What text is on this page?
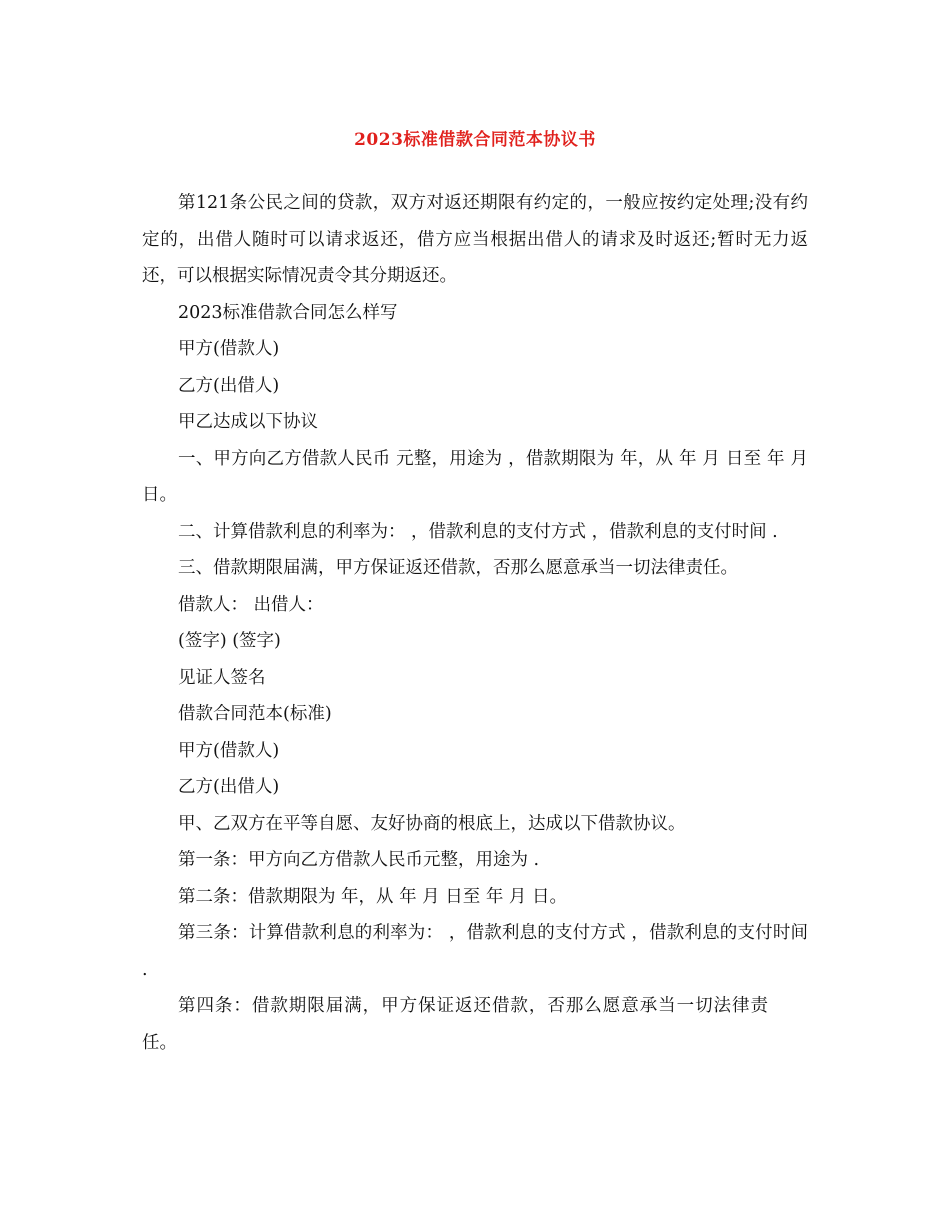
2023标准借款合同范本协议书

第121条公民之间的贷款，双方对返还期限有约定的，一般应按约定处理;没有约定的，出借人随时可以请求返还，借方应当根据出借人的请求及时返还;暂时无力返还，可以根据实际情况责令其分期返还。

2023标准借款合同怎么样写

甲方(借款人)

乙方(出借人)

甲乙达成以下协议

一、甲方向乙方借款人民币 元整，用途为 ，借款期限为 年，从 年 月 日至 年 月 日。

二、计算借款利息的利率为： ，借款利息的支付方式 ，借款利息的支付时间 .

三、借款期限届满，甲方保证返还借款，否那么愿意承当一切法律责任。

借款人： 出借人：

(签字) (签字)

见证人签名

借款合同范本(标准)

甲方(借款人)

乙方(出借人)

甲、乙双方在平等自愿、友好协商的根底上，达成以下借款协议。

第一条：甲方向乙方借款人民币元整，用途为 .

第二条：借款期限为 年，从 年 月 日至 年 月 日。

第三条：计算借款利息的利率为： ，借款利息的支付方式 ，借款利息的支付时间 .

第四条：借款期限届满，甲方保证返还借款，否那么愿意承当一切法律责任。
